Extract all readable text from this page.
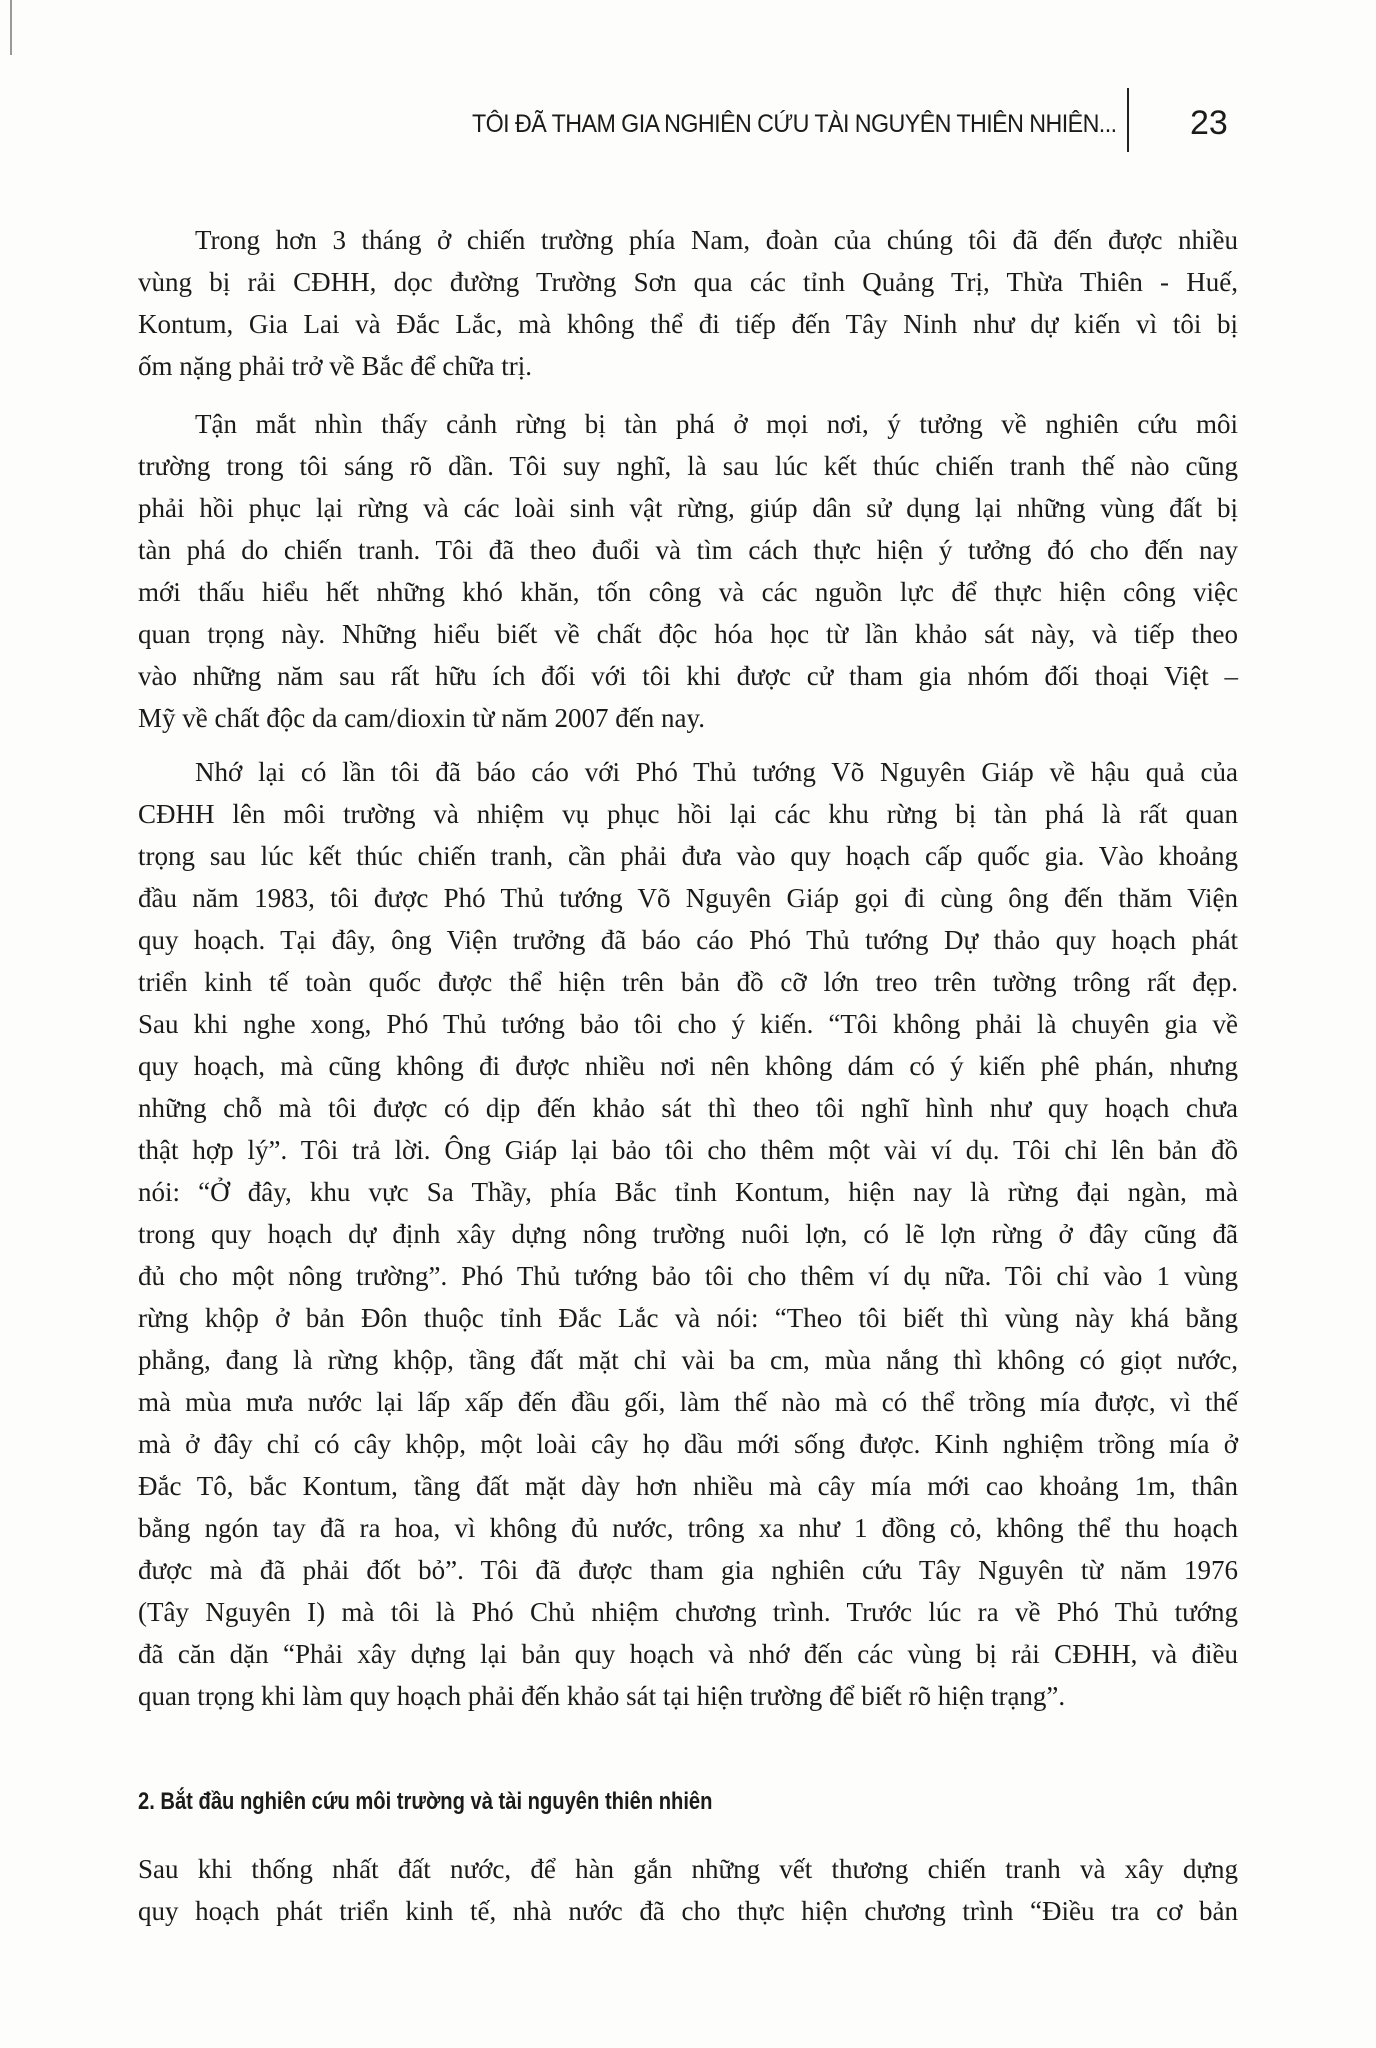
TÔI ĐÃ THAM GIA NGHIÊN CỨU TÀI NGUYÊN THIÊN NHIÊN... 23
Trong hơn 3 tháng ở chiến trường phía Nam, đoàn của chúng tôi đã đến được nhiều
vùng bị rải CĐHH, dọc đường Trường Sơn qua các tỉnh Quảng Trị, Thừa Thiên - Huế,
Kontum, Gia Lai và Đắc Lắc, mà không thể đi tiếp đến Tây Ninh như dự kiến vì tôi bị
ốm nặng phải trở về Bắc để chữa trị.
Tận mắt nhìn thấy cảnh rừng bị tàn phá ở mọi nơi, ý tưởng về nghiên cứu môi
trường trong tôi sáng rõ dần. Tôi suy nghĩ, là sau lúc kết thúc chiến tranh thế nào cũng
phải hồi phục lại rừng và các loài sinh vật rừng, giúp dân sử dụng lại những vùng đất bị
tàn phá do chiến tranh. Tôi đã theo đuổi và tìm cách thực hiện ý tưởng đó cho đến nay
mới thấu hiểu hết những khó khăn, tốn công và các nguồn lực để thực hiện công việc
quan trọng này. Những hiểu biết về chất độc hóa học từ lần khảo sát này, và tiếp theo
vào những năm sau rất hữu ích đối với tôi khi được cử tham gia nhóm đối thoại Việt –
Mỹ về chất độc da cam/dioxin từ năm 2007 đến nay.
Nhớ lại có lần tôi đã báo cáo với Phó Thủ tướng Võ Nguyên Giáp về hậu quả của
CĐHH lên môi trường và nhiệm vụ phục hồi lại các khu rừng bị tàn phá là rất quan
trọng sau lúc kết thúc chiến tranh, cần phải đưa vào quy hoạch cấp quốc gia. Vào khoảng
đầu năm 1983, tôi được Phó Thủ tướng Võ Nguyên Giáp gọi đi cùng ông đến thăm Viện
quy hoạch. Tại đây, ông Viện trưởng đã báo cáo Phó Thủ tướng Dự thảo quy hoạch phát
triển kinh tế toàn quốc được thể hiện trên bản đồ cỡ lớn treo trên tường trông rất đẹp.
Sau khi nghe xong, Phó Thủ tướng bảo tôi cho ý kiến. “Tôi không phải là chuyên gia về
quy hoạch, mà cũng không đi được nhiều nơi nên không dám có ý kiến phê phán, nhưng
những chỗ mà tôi được có dịp đến khảo sát thì theo tôi nghĩ hình như quy hoạch chưa
thật hợp lý”. Tôi trả lời. Ông Giáp lại bảo tôi cho thêm một vài ví dụ. Tôi chỉ lên bản đồ
nói: “Ở đây, khu vực Sa Thầy, phía Bắc tỉnh Kontum, hiện nay là rừng đại ngàn, mà
trong quy hoạch dự định xây dựng nông trường nuôi lợn, có lẽ lợn rừng ở đây cũng đã
đủ cho một nông trường”. Phó Thủ tướng bảo tôi cho thêm ví dụ nữa. Tôi chỉ vào 1 vùng
rừng khộp ở bản Đôn thuộc tỉnh Đắc Lắc và nói: “Theo tôi biết thì vùng này khá bằng
phẳng, đang là rừng khộp, tầng đất mặt chỉ vài ba cm, mùa nắng thì không có giọt nước,
mà mùa mưa nước lại lấp xấp đến đầu gối, làm thế nào mà có thể trồng mía được, vì thế
mà ở đây chỉ có cây khộp, một loài cây họ dầu mới sống được. Kinh nghiệm trồng mía ở
Đắc Tô, bắc Kontum, tầng đất mặt dày hơn nhiều mà cây mía mới cao khoảng 1m, thân
bằng ngón tay đã ra hoa, vì không đủ nước, trông xa như 1 đồng cỏ, không thể thu hoạch
được mà đã phải đốt bỏ”. Tôi đã được tham gia nghiên cứu Tây Nguyên từ năm 1976
(Tây Nguyên I) mà tôi là Phó Chủ nhiệm chương trình. Trước lúc ra về Phó Thủ tướng
đã căn dặn “Phải xây dựng lại bản quy hoạch và nhớ đến các vùng bị rải CĐHH, và điều
quan trọng khi làm quy hoạch phải đến khảo sát tại hiện trường để biết rõ hiện trạng”.
2. Bắt đầu nghiên cứu môi trường và tài nguyên thiên nhiên
Sau khi thống nhất đất nước, để hàn gắn những vết thương chiến tranh và xây dựng
quy hoạch phát triển kinh tế, nhà nước đã cho thực hiện chương trình “Điều tra cơ bản
